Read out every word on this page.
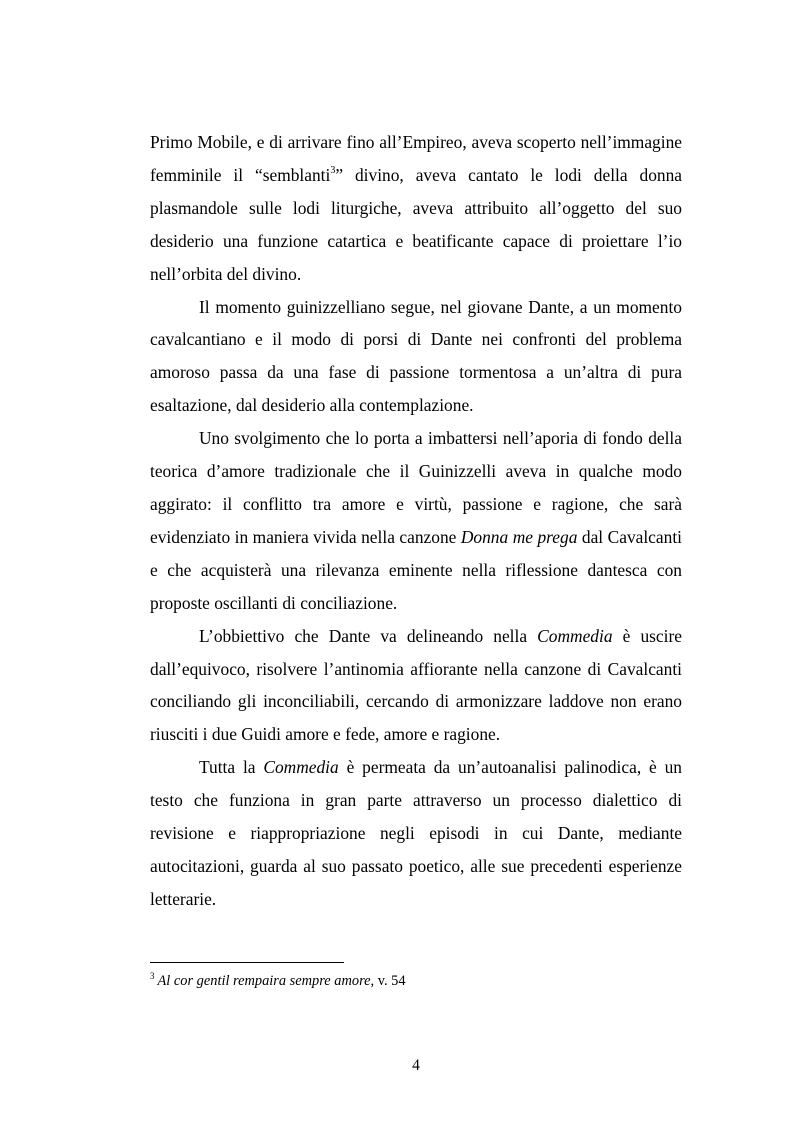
Primo Mobile, e di arrivare fino all’Empireo, aveva scoperto nell’immagine femminile il “semblanti$^3$” divino, aveva cantato le lodi della donna plasmandole sulle lodi liturgiche, aveva attribuito all’oggetto del suo desiderio una funzione catartica e beatificante capace di proiettare l’io nell’orbita del divino.

Il momento guinizzelliano segue, nel giovane Dante, a un momento cavalcantiano e il modo di porsi di Dante nei confronti del problema amoroso passa da una fase di passione tormentosa a un’altra di pura esaltazione, dal desiderio alla contemplazione.

Uno svolgimento che lo porta a imbattersi nell’aporia di fondo della teorica d’amore tradizionale che il Guinizzelli aveva in qualche modo aggirato: il conflitto tra amore e virtù, passione e ragione, che sarà evidenziato in maniera vivida nella canzone Donna me prega dal Cavalcanti e che acquisterà una rilevanza eminente nella riflessione dantesca con proposte oscillanti di conciliazione.

L’obbiettivo che Dante va delineando nella Commedia è uscire dall’equivoco, risolvere l’antinomia affiorante nella canzone di Cavalcanti conciliando gli inconciliabili, cercando di armonizzare laddove non erano riusciti i due Guidi amore e fede, amore e ragione.

Tutta la Commedia è permeata da un’autoanalisi palinodica, è un testo che funziona in gran parte attraverso un processo dialettico di revisione e riappropriazione negli episodi in cui Dante, mediante autocitazioni, guarda al suo passato poetico, alle sue precedenti esperienze letterarie.

$^3$ Al cor gentil rempaira sempre amore, v. 54

4
